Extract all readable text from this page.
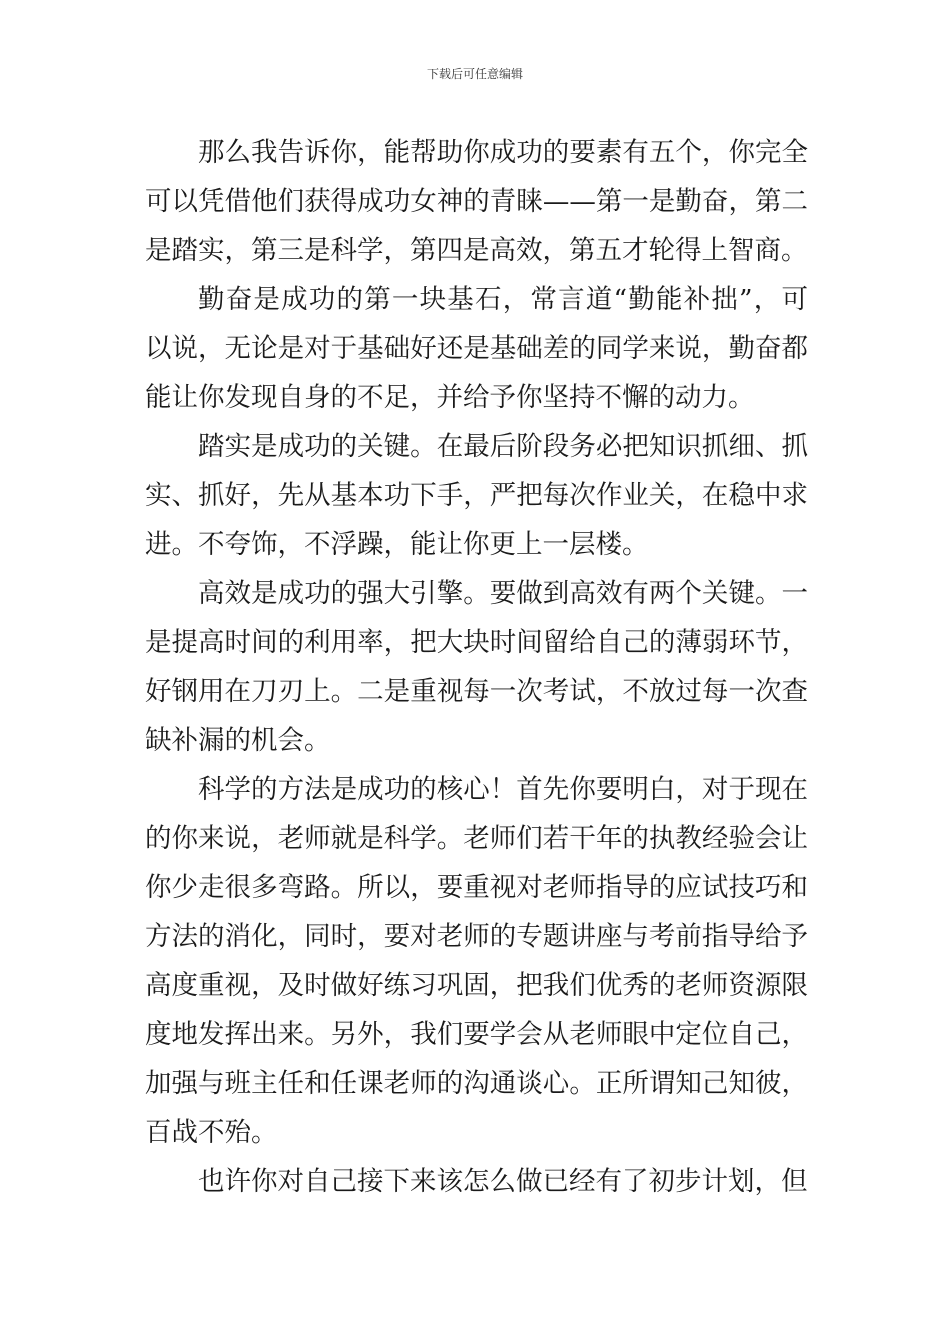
下载后可任意编辑

那么我告诉你，能帮助你成功的要素有五个，你完全可以凭借他们获得成功女神的青睐——第一是勤奋，第二是踏实，第三是科学，第四是高效，第五才轮得上智商。

勤奋是成功的第一块基石，常言道“勤能补拙”，可以说，无论是对于基础好还是基础差的同学来说，勤奋都能让你发现自身的不足，并给予你坚持不懈的动力。

踏实是成功的关键。在最后阶段务必把知识抓细、抓实、抓好，先从基本功下手，严把每次作业关，在稳中求进。不夸饰，不浮躁，能让你更上一层楼。

高效是成功的强大引擎。要做到高效有两个关键。一是提高时间的利用率，把大块时间留给自己的薄弱环节，好钢用在刀刃上。二是重视每一次考试，不放过每一次查缺补漏的机会。

科学的方法是成功的核心！首先你要明白，对于现在的你来说，老师就是科学。老师们若干年的执教经验会让你少走很多弯路。所以，要重视对老师指导的应试技巧和方法的消化，同时，要对老师的专题讲座与考前指导给予高度重视，及时做好练习巩固，把我们优秀的老师资源限度地发挥出来。另外，我们要学会从老师眼中定位自己，加强与班主任和任课老师的沟通谈心。正所谓知己知彼，百战不殆。

也许你对自己接下来该怎么做已经有了初步计划，但
